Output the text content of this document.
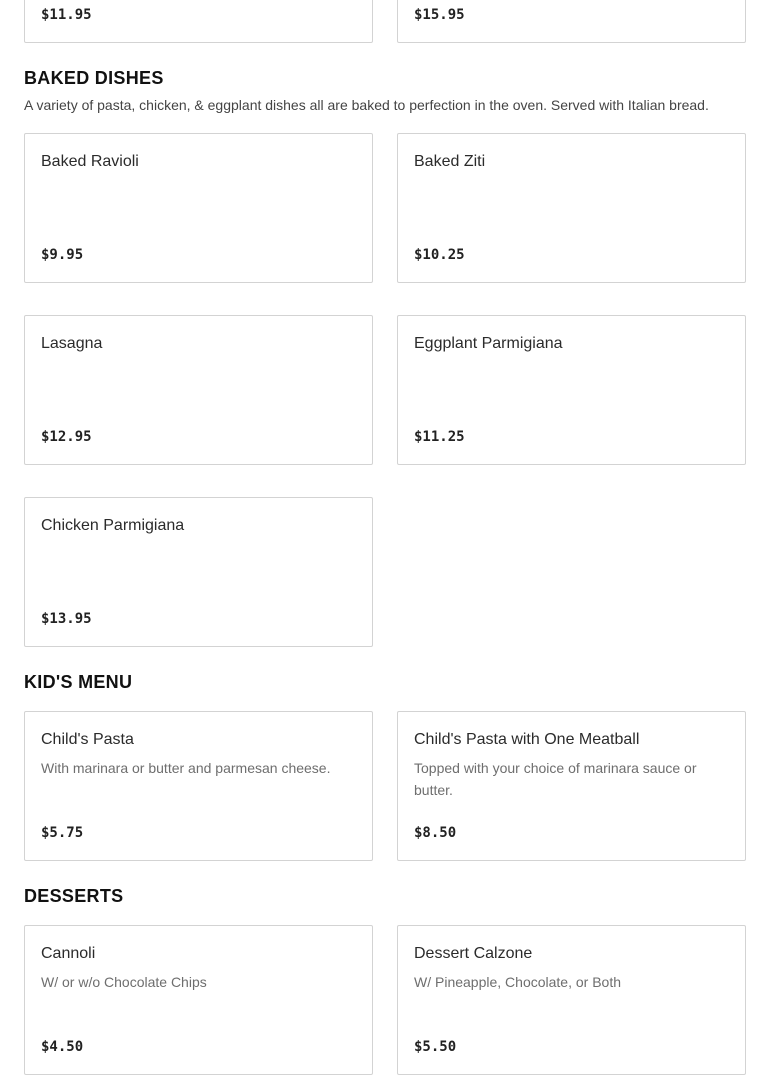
$11.95	$15.95
BAKED DISHES
A variety of pasta, chicken, & eggplant dishes all are baked to perfection in the oven. Served with Italian bread.
Baked Ravioli
$9.95
Baked Ziti
$10.25
Lasagna
$12.95
Eggplant Parmigiana
$11.25
Chicken Parmigiana
$13.95
KID'S MENU
Child's Pasta
With marinara or butter and parmesan cheese.
$5.75
Child's Pasta with One Meatball
Topped with your choice of marinara sauce or butter.
$8.50
DESSERTS
Cannoli
W/ or w/o Chocolate Chips
$4.50
Dessert Calzone
W/ Pineapple, Chocolate, or Both
$5.50
